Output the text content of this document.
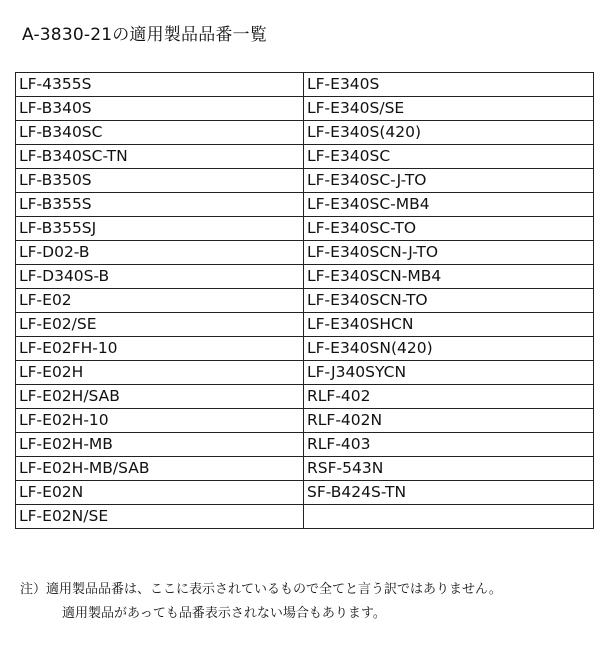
A-3830-21の適用製品品番一覧
LF-4355S	LF-E340S
LF-B340S	LF-E340S/SE
LF-B340SC	LF-E340S(420)
LF-B340SC-TN	LF-E340SC
LF-B350S	LF-E340SC-J-TO
LF-B355S	LF-E340SC-MB4
LF-B355SJ	LF-E340SC-TO
LF-D02-B	LF-E340SCN-J-TO
LF-D340S-B	LF-E340SCN-MB4
LF-E02	LF-E340SCN-TO
LF-E02/SE	LF-E340SHCN
LF-E02FH-10	LF-E340SN(420)
LF-E02H	LF-J340SYCN
LF-E02H/SAB	RLF-402
LF-E02H-10	RLF-402N
LF-E02H-MB	RLF-403
LF-E02H-MB/SAB	RSF-543N
LF-E02N	SF-B424S-TN
LF-E02N/SE	
注）適用製品品番は、ここに表示されているもので全てと言う訳ではありません。
適用製品があっても品番表示されない場合もあります。
